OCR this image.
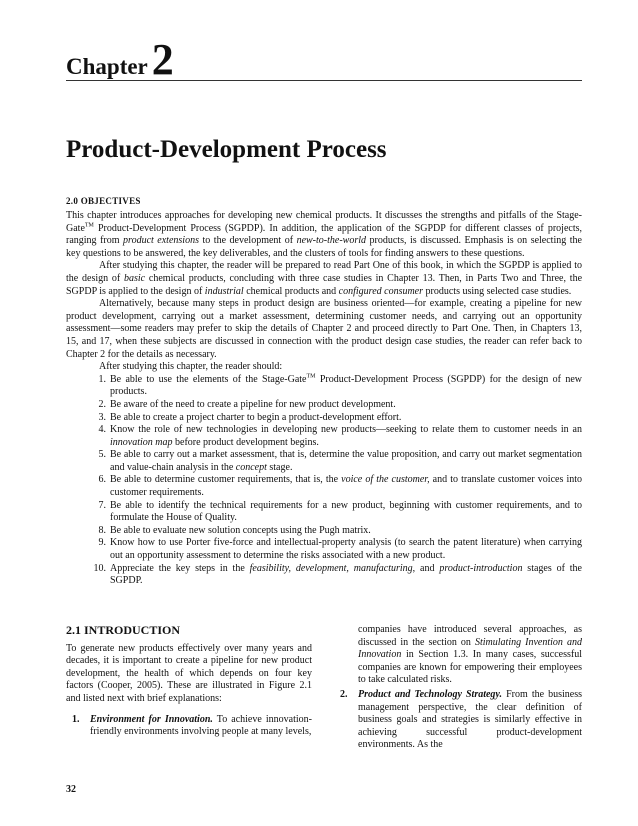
Chapter2
Product-Development Process
2.0 OBJECTIVES

This chapter introduces approaches for developing new chemical products. It discusses the strengths and pitfalls of the Stage-Gate™ Product-Development Process (SGPDP). In addition, the application of the SGPDP for different classes of projects, ranging from product extensions to the development of new-to-the-world products, is discussed. Emphasis is on selecting the key questions to be answered, the key deliverables, and the clusters of tools for finding answers to these questions.

After studying this chapter, the reader will be prepared to read Part One of this book, in which the SGPDP is applied to the design of basic chemical products, concluding with three case studies in Chapter 13. Then, in Parts Two and Three, the SGPDP is applied to the design of industrial chemical products and configured consumer products using selected case studies.

Alternatively, because many steps in product design are business oriented—for example, creating a pipeline for new product development, carrying out a market assessment, determining customer needs, and carrying out an opportunity assessment—some readers may prefer to skip the details of Chapter 2 and proceed directly to Part One. Then, in Chapters 13, 15, and 17, when these subjects are discussed in connection with the product design case studies, the reader can refer back to Chapter 2 for the details as necessary.

After studying this chapter, the reader should:

1. Be able to use the elements of the Stage-Gate™ Product-Development Process (SGPDP) for the design of new products.
2. Be aware of the need to create a pipeline for new product development.
3. Be able to create a project charter to begin a product-development effort.
4. Know the role of new technologies in developing new products—seeking to relate them to customer needs in an innovation map before product development begins.
5. Be able to carry out a market assessment, that is, determine the value proposition, and carry out market segmentation and value-chain analysis in the concept stage.
6. Be able to determine customer requirements, that is, the voice of the customer, and to translate customer voices into customer requirements.
7. Be able to identify the technical requirements for a new product, beginning with customer requirements, and to formulate the House of Quality.
8. Be able to evaluate new solution concepts using the Pugh matrix.
9. Know how to use Porter five-force and intellectual-property analysis (to search the patent literature) when carrying out an opportunity assessment to determine the risks associated with a new product.
10. Appreciate the key steps in the feasibility, development, manufacturing, and product-introduction stages of the SGPDP.

2.1 INTRODUCTION

To generate new products effectively over many years and decades, it is important to create a pipeline for new product development, the health of which depends on four key factors (Cooper, 2005). These are illustrated in Figure 2.1 and listed next with brief explanations:

1. Environment for Innovation. To achieve innovation-friendly environments involving people at many levels,

companies have introduced several approaches, as discussed in the section on Stimulating Invention and Innovation in Section 1.3. In many cases, successful companies are known for empowering their employees to take calculated risks.

2. Product and Technology Strategy. From the business management perspective, the clear definition of business goals and strategies is similarly effective in achieving successful product-development environments. As the

32
